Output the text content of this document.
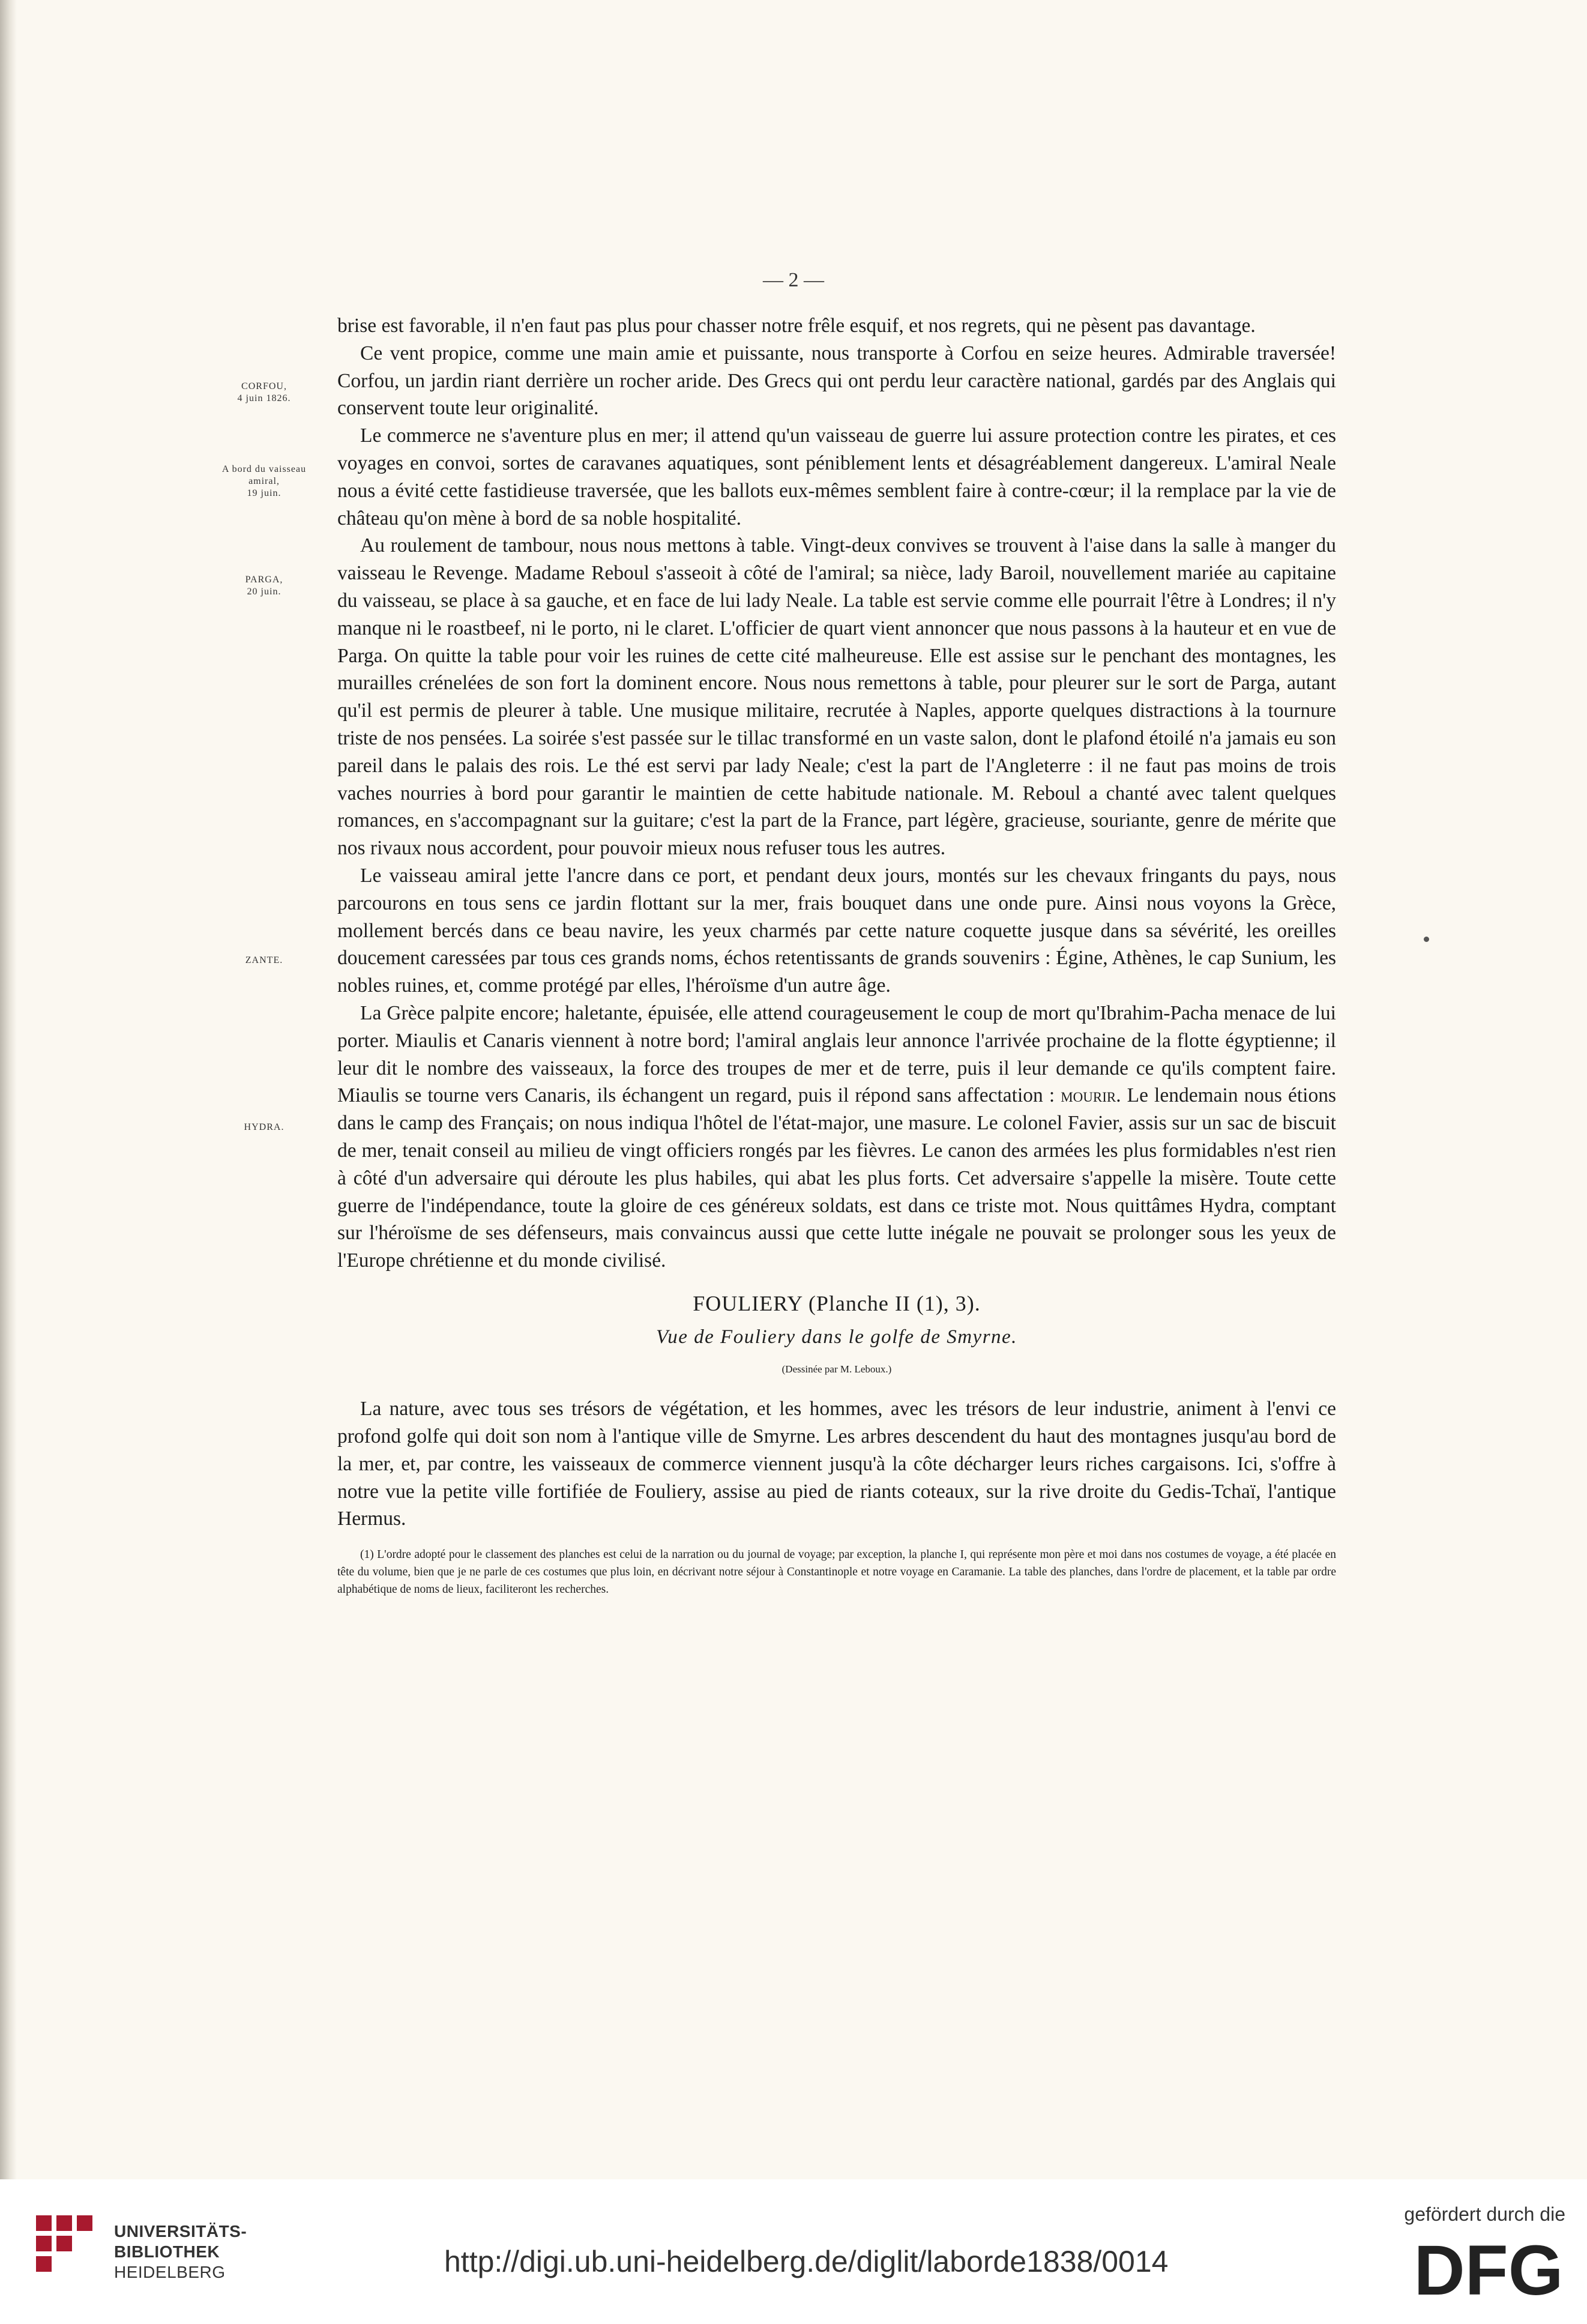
— 2 —
CORFOU,
4 juin 1826.
A bord du vaisseau
amiral,
19 juin.
PARGA,
20 juin.
ZANTE.
HYDRA.

brise est favorable, il n'en faut pas plus pour chasser notre frêle esquif, et nos regrets, qui ne pèsent pas davantage.

Ce vent propice, comme une main amie et puissante, nous transporte à Corfou en seize heures. Admirable traversée! Corfou, un jardin riant derrière un rocher aride. Des Grecs qui ont perdu leur caractère national, gardés par des Anglais qui conservent toute leur originalité.

Le commerce ne s'aventure plus en mer; il attend qu'un vaisseau de guerre lui assure protection contre les pirates, et ces voyages en convoi, sortes de caravanes aquatiques, sont péniblement lents et désagréablement dangereux. L'amiral Neale nous a évité cette fastidieuse traversée, que les ballots eux-mêmes semblent faire à contre-cœur; il la remplace par la vie de château qu'on mène à bord de sa noble hospitalité.

Au roulement de tambour, nous nous mettons à table. Vingt-deux convives se trouvent à l'aise dans la salle à manger du vaisseau le Revenge. Madame Reboul s'asseoit à côté de l'amiral; sa nièce, lady Baroil, nouvellement mariée au capitaine du vaisseau, se place à sa gauche, et en face de lui lady Neale. La table est servie comme elle pourrait l'être à Londres; il n'y manque ni le roastbeef, ni le porto, ni le claret. L'officier de quart vient annoncer que nous passons à la hauteur et en vue de Parga. On quitte la table pour voir les ruines de cette cité malheureuse. Elle est assise sur le penchant des montagnes, les murailles crénelées de son fort la dominent encore. Nous nous remettons à table, pour pleurer sur le sort de Parga, autant qu'il est permis de pleurer à table. Une musique militaire, recrutée à Naples, apporte quelques distractions à la tournure triste de nos pensées. La soirée s'est passée sur le tillac transformé en un vaste salon, dont le plafond étoilé n'a jamais eu son pareil dans le palais des rois. Le thé est servi par lady Neale; c'est la part de l'Angleterre : il ne faut pas moins de trois vaches nourries à bord pour garantir le maintien de cette habitude nationale. M. Reboul a chanté avec talent quelques romances, en s'accompagnant sur la guitare; c'est la part de la France, part légère, gracieuse, souriante, genre de mérite que nos rivaux nous accordent, pour pouvoir mieux nous refuser tous les autres.

Le vaisseau amiral jette l'ancre dans ce port, et pendant deux jours, montés sur les chevaux fringants du pays, nous parcourons en tous sens ce jardin flottant sur la mer, frais bouquet dans une onde pure. Ainsi nous voyons la Grèce, mollement bercés dans ce beau navire, les yeux charmés par cette nature coquette jusque dans sa sévérité, les oreilles doucement caressées par tous ces grands noms, échos retentissants de grands souvenirs : Égine, Athènes, le cap Sunium, les nobles ruines, et, comme protégé par elles, l'héroïsme d'un autre âge.

La Grèce palpite encore; haletante, épuisée, elle attend courageusement le coup de mort qu'Ibrahim-Pacha menace de lui porter. Miaulis et Canaris viennent à notre bord; l'amiral anglais leur annonce l'arrivée prochaine de la flotte égyptienne; il leur dit le nombre des vaisseaux, la force des troupes de mer et de terre, puis il leur demande ce qu'ils comptent faire. Miaulis se tourne vers Canaris, ils échangent un regard, puis il répond sans affectation : mourir. Le lendemain nous étions dans le camp des Français; on nous indiqua l'hôtel de l'état-major, une masure. Le colonel Favier, assis sur un sac de biscuit de mer, tenait conseil au milieu de vingt officiers rongés par les fièvres. Le canon des armées les plus formidables n'est rien à côté d'un adversaire qui déroute les plus habiles, qui abat les plus forts. Cet adversaire s'appelle la misère. Toute cette guerre de l'indépendance, toute la gloire de ces généreux soldats, est dans ce triste mot. Nous quittâmes Hydra, comptant sur l'héroïsme de ses défenseurs, mais convaincus aussi que cette lutte inégale ne pouvait se prolonger sous les yeux de l'Europe chrétienne et du monde civilisé.

FOULIERY (Planche II (1), 3).
Vue de Fouliery dans le golfe de Smyrne.
(Dessinée par M. Leboux.)

La nature, avec tous ses trésors de végétation, et les hommes, avec les trésors de leur industrie, animent à l'envi ce profond golfe qui doit son nom à l'antique ville de Smyrne. Les arbres descendent du haut des montagnes jusqu'au bord de la mer, et, par contre, les vaisseaux de commerce viennent jusqu'à la côte décharger leurs riches cargaisons. Ici, s'offre à notre vue la petite ville fortifiée de Fouliery, assise au pied de riants coteaux, sur la rive droite du Gedis-Tchaï, l'antique Hermus.

(1) L'ordre adopté pour le classement des planches est celui de la narration ou du journal de voyage; par exception, la planche I, qui représente mon père et moi dans nos costumes de voyage, a été placée en tête du volume, bien que je ne parle de ces costumes que plus loin, en décrivant notre séjour à Constantinople et notre voyage en Caramanie. La table des planches, dans l'ordre de placement, et la table par ordre alphabétique de noms de lieux, faciliteront les recherches.

UNIVERSITÄTS-
BIBLIOTHEK
HEIDELBERG	http://digi.ub.uni-heidelberg.de/diglit/laborde1838/0014
gefördert durch die
DFG
